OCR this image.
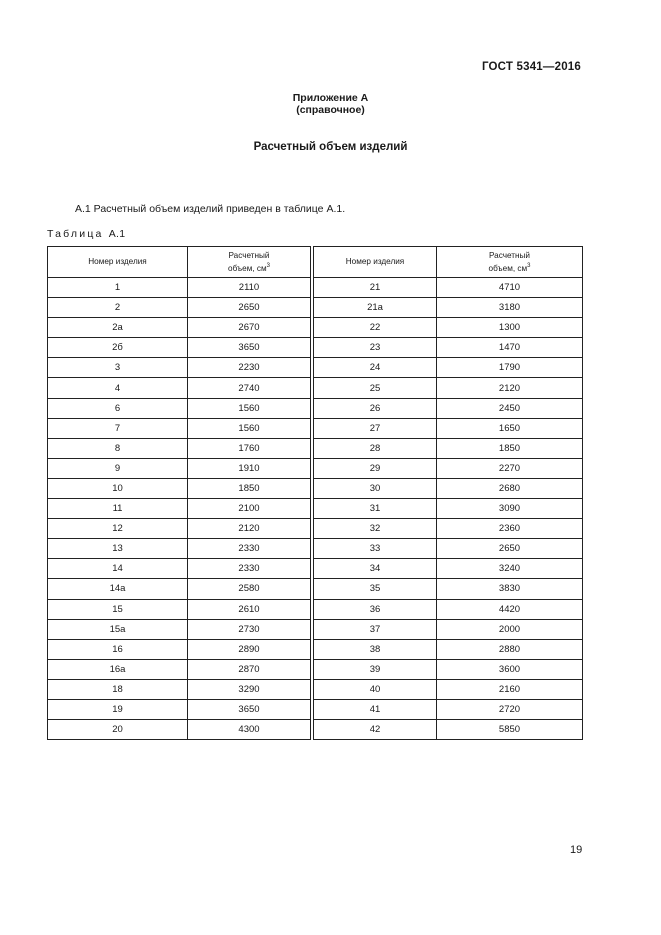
ГОСТ 5341—2016
Приложение А
(справочное)
Расчетный объем изделий
А.1 Расчетный объем изделий приведен в таблице А.1.
Таблица А.1
Номер изделия	Расчетный
объем, $см^3$		Номер изделия	Расчетный
объем, $см^3$
1	2110		21	4710
2	2650		21а	3180
2а	2670		22	1300
2б	3650		23	1470
3	2230		24	1790
4	2740		25	2120
6	1560		26	2450
7	1560		27	1650
8	1760		28	1850
9	1910		29	2270
10	1850		30	2680
11	2100		31	3090
12	2120		32	2360
13	2330		33	2650
14	2330		34	3240
14а	2580		35	3830
15	2610		36	4420
15а	2730		37	2000
16	2890		38	2880
16а	2870		39	3600
18	3290		40	2160
19	3650		41	2720
20	4300		42	5850
19
